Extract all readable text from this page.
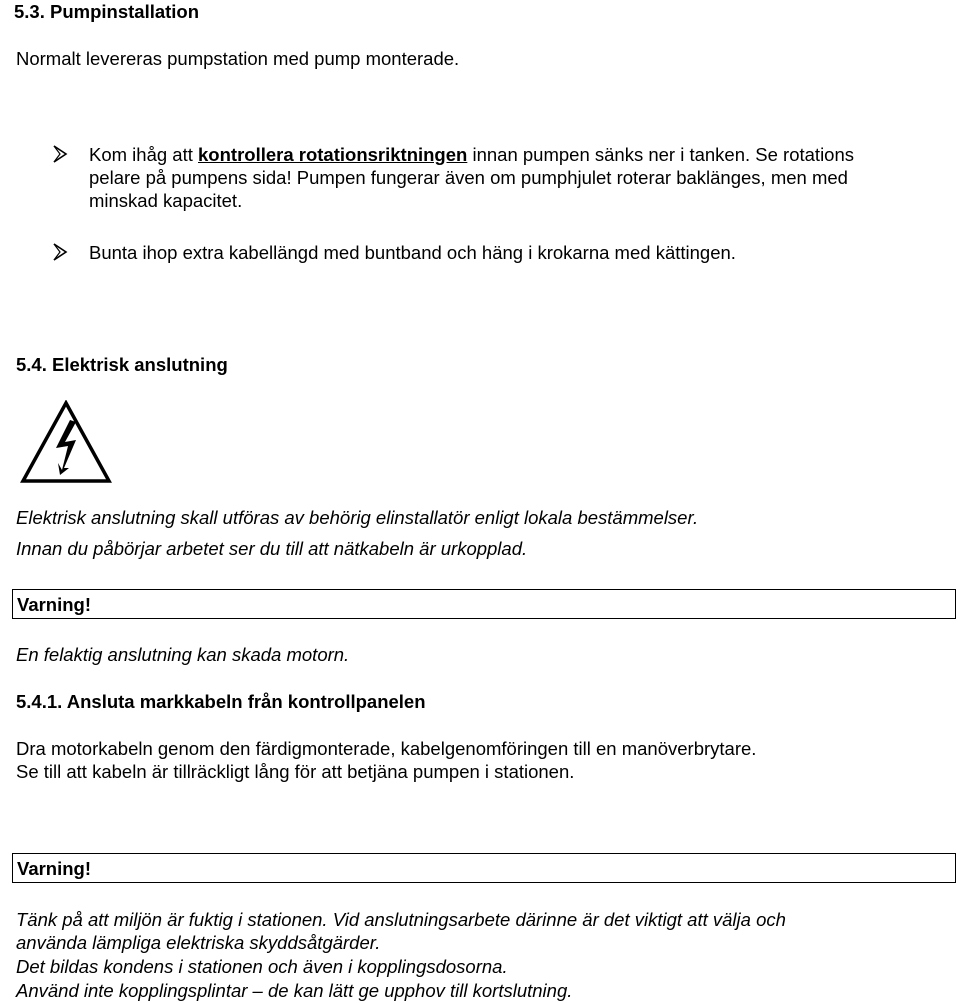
5.3. Pumpinstallation
Normalt levereras pumpstation med pump monterade.
Kom ihåg att kontrollera rotationsriktningen innan pumpen sänks ner i tanken. Se rotations
pelare på pumpens sida! Pumpen fungerar även om pumphjulet roterar baklänges, men med
minskad kapacitet.
Bunta ihop extra kabellängd med buntband och häng i krokarna med kättingen.
5.4. Elektrisk anslutning
Elektrisk anslutning skall utföras av behörig elinstallatör enligt lokala bestämmelser.
Innan du påbörjar arbetet ser du till att nätkabeln är urkopplad.
Varning!
En felaktig anslutning kan skada motorn.
5.4.1. Ansluta markkabeln från kontrollpanelen
Dra motorkabeln genom den färdigmonterade, kabelgenomföringen till en manöverbrytare.
Se till att kabeln är tillräckligt lång för att betjäna pumpen i stationen.
Varning!
Tänk på att miljön är fuktig i stationen. Vid anslutningsarbete därinne är det viktigt att välja och
använda lämpliga elektriska skyddsåtgärder.
Det bildas kondens i stationen och även i kopplingsdosorna.
Använd inte kopplingsplintar – de kan lätt ge upphov till kortslutning.
